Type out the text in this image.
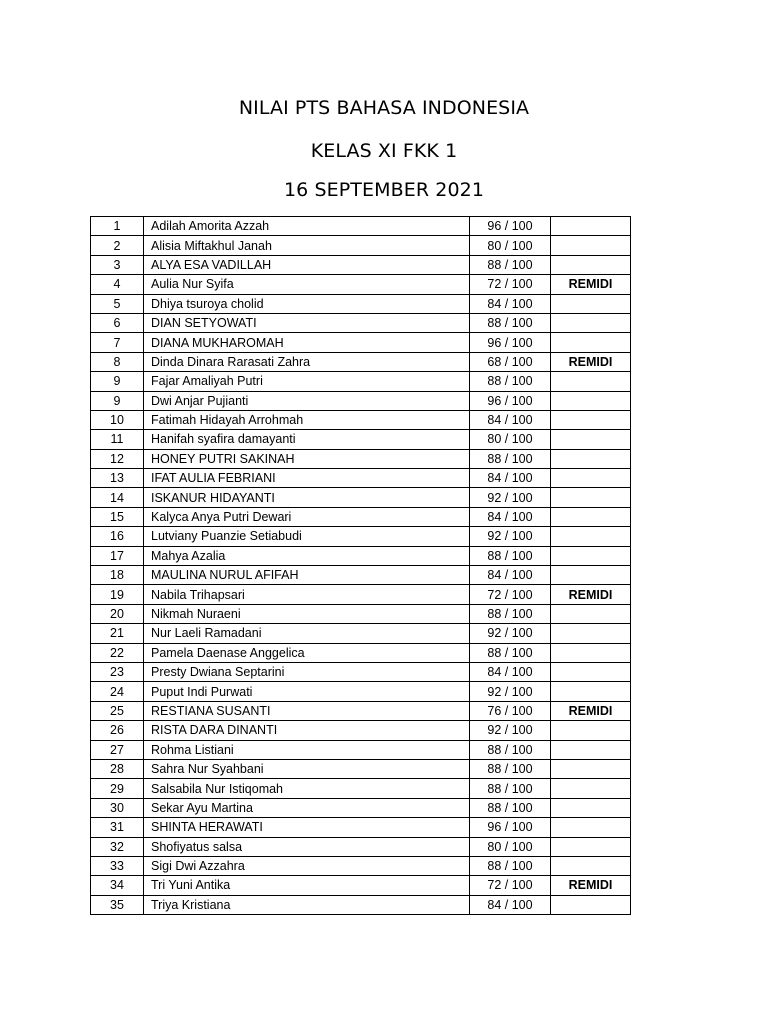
NILAI PTS BAHASA INDONESIA
KELAS XI FKK 1
16 SEPTEMBER 2021
1	Adilah Amorita Azzah	96 / 100	
2	Alisia Miftakhul Janah	80 / 100	
3	ALYA ESA VADILLAH	88 / 100	
4	Aulia Nur Syifa	72 / 100	REMIDI
5	Dhiya tsuroya cholid	84 / 100	
6	DIAN SETYOWATI	88 / 100	
7	DIANA MUKHAROMAH	96 / 100	
8	Dinda Dinara Rarasati Zahra	68 / 100	REMIDI
9	Fajar Amaliyah Putri	88 / 100	
9	Dwi Anjar Pujianti	96 / 100	
10	Fatimah Hidayah Arrohmah	84 / 100	
11	Hanifah syafira damayanti	80 / 100	
12	HONEY PUTRI SAKINAH	88 / 100	
13	IFAT AULIA FEBRIANI	84 / 100	
14	ISKANUR HIDAYANTI	92 / 100	
15	Kalyca Anya Putri Dewari	84 / 100	
16	Lutviany Puanzie Setiabudi	92 / 100	
17	Mahya Azalia	88 / 100	
18	MAULINA NURUL AFIFAH	84 / 100	
19	Nabila Trihapsari	72 / 100	REMIDI
20	Nikmah Nuraeni	88 / 100	
21	Nur Laeli Ramadani	92 / 100	
22	Pamela Daenase Anggelica	88 / 100	
23	Presty Dwiana Septarini	84 / 100	
24	Puput Indi Purwati	92 / 100	
25	RESTIANA SUSANTI	76 / 100	REMIDI
26	RISTA DARA DINANTI	92 / 100	
27	Rohma Listiani	88 / 100	
28	Sahra Nur Syahbani	88 / 100	
29	Salsabila Nur Istiqomah	88 / 100	
30	Sekar Ayu Martina	88 / 100	
31	SHINTA HERAWATI	96 / 100	
32	Shofiyatus salsa	80 / 100	
33	Sigi Dwi Azzahra	88 / 100	
34	Tri Yuni Antika	72 / 100	REMIDI
35	Triya Kristiana	84 / 100	
